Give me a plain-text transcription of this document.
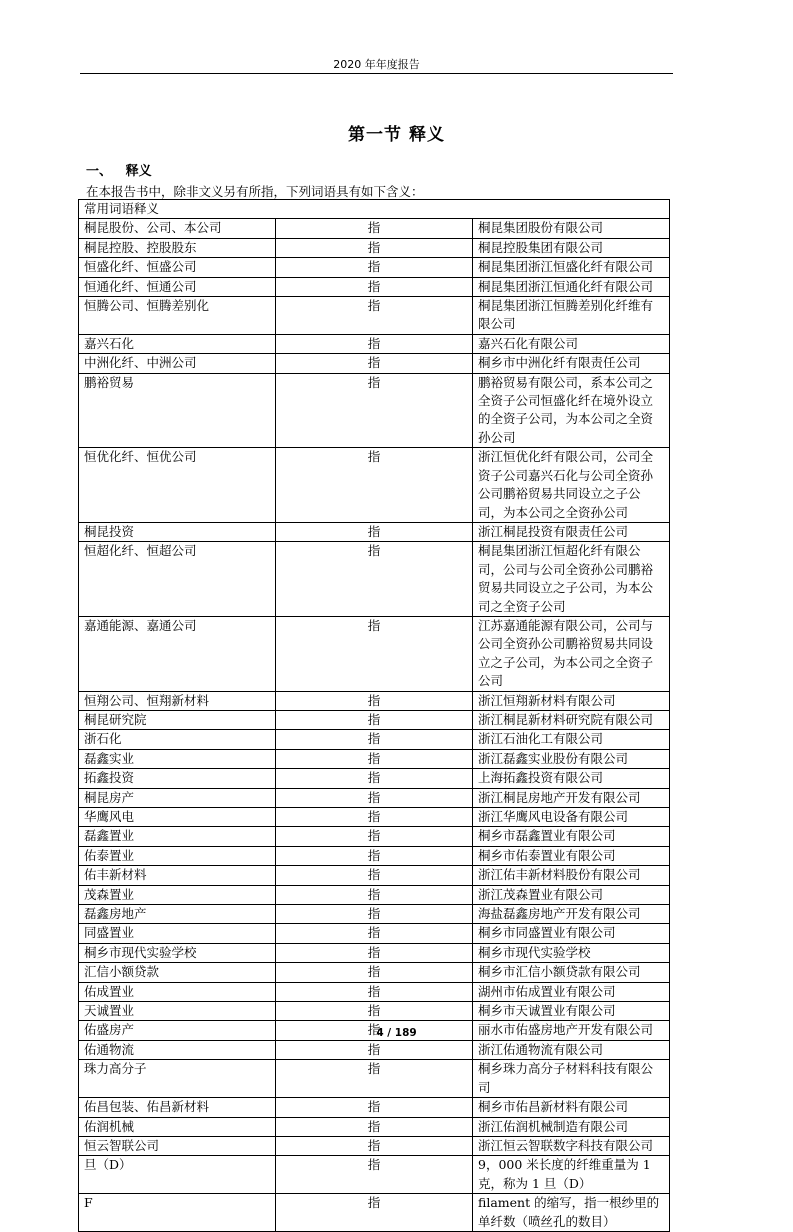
2020 年年度报告
第一节 释义
一、 释义
在本报告书中，除非文义另有所指，下列词语具有如下含义：
常用词语释义		
桐昆股份、公司、本公司	指	桐昆集团股份有限公司
桐昆控股、控股股东	指	桐昆控股集团有限公司
恒盛化纤、恒盛公司	指	桐昆集团浙江恒盛化纤有限公司
恒通化纤、恒通公司	指	桐昆集团浙江恒通化纤有限公司
恒腾公司、恒腾差别化	指	桐昆集团浙江恒腾差别化纤维有限公司
嘉兴石化	指	嘉兴石化有限公司
中洲化纤、中洲公司	指	桐乡市中洲化纤有限责任公司
鹏裕贸易	指	鹏裕贸易有限公司，系本公司之全资子公司恒盛化纤在境外设立的全资子公司，为本公司之全资孙公司
恒优化纤、恒优公司	指	浙江恒优化纤有限公司，公司全资子公司嘉兴石化与公司全资孙公司鹏裕贸易共同设立之子公司，为本公司之全资孙公司
桐昆投资	指	浙江桐昆投资有限责任公司
恒超化纤、恒超公司	指	桐昆集团浙江恒超化纤有限公司，公司与公司全资孙公司鹏裕贸易共同设立之子公司，为本公司之全资子公司
嘉通能源、嘉通公司	指	江苏嘉通能源有限公司，公司与公司全资孙公司鹏裕贸易共同设立之子公司，为本公司之全资子公司
恒翔公司、恒翔新材料	指	浙江恒翔新材料有限公司
桐昆研究院	指	浙江桐昆新材料研究院有限公司
浙石化	指	浙江石油化工有限公司
磊鑫实业	指	浙江磊鑫实业股份有限公司
拓鑫投资	指	上海拓鑫投资有限公司
桐昆房产	指	浙江桐昆房地产开发有限公司
华鹰风电	指	浙江华鹰风电设备有限公司
磊鑫置业	指	桐乡市磊鑫置业有限公司
佑泰置业	指	桐乡市佑泰置业有限公司
佑丰新材料	指	浙江佑丰新材料股份有限公司
茂森置业	指	浙江茂森置业有限公司
磊鑫房地产	指	海盐磊鑫房地产开发有限公司
同盛置业	指	桐乡市同盛置业有限公司
桐乡市现代实验学校	指	桐乡市现代实验学校
汇信小额贷款	指	桐乡市汇信小额贷款有限公司
佑成置业	指	湖州市佑成置业有限公司
天诚置业	指	桐乡市天诚置业有限公司
佑盛房产	指	丽水市佑盛房地产开发有限公司
佑通物流	指	浙江佑通物流有限公司
珠力高分子	指	桐乡珠力高分子材料科技有限公司
佑昌包装、佑昌新材料	指	桐乡市佑昌新材料有限公司
佑润机械	指	浙江佑润机械制造有限公司
恒云智联公司	指	浙江恒云智联数字科技有限公司
旦（D）	指	9，000 米长度的纤维重量为 1 克，称为 1 旦（D）
F	指	filament 的缩写，指一根纱里的单纤数（喷丝孔的数目）
4 / 189
